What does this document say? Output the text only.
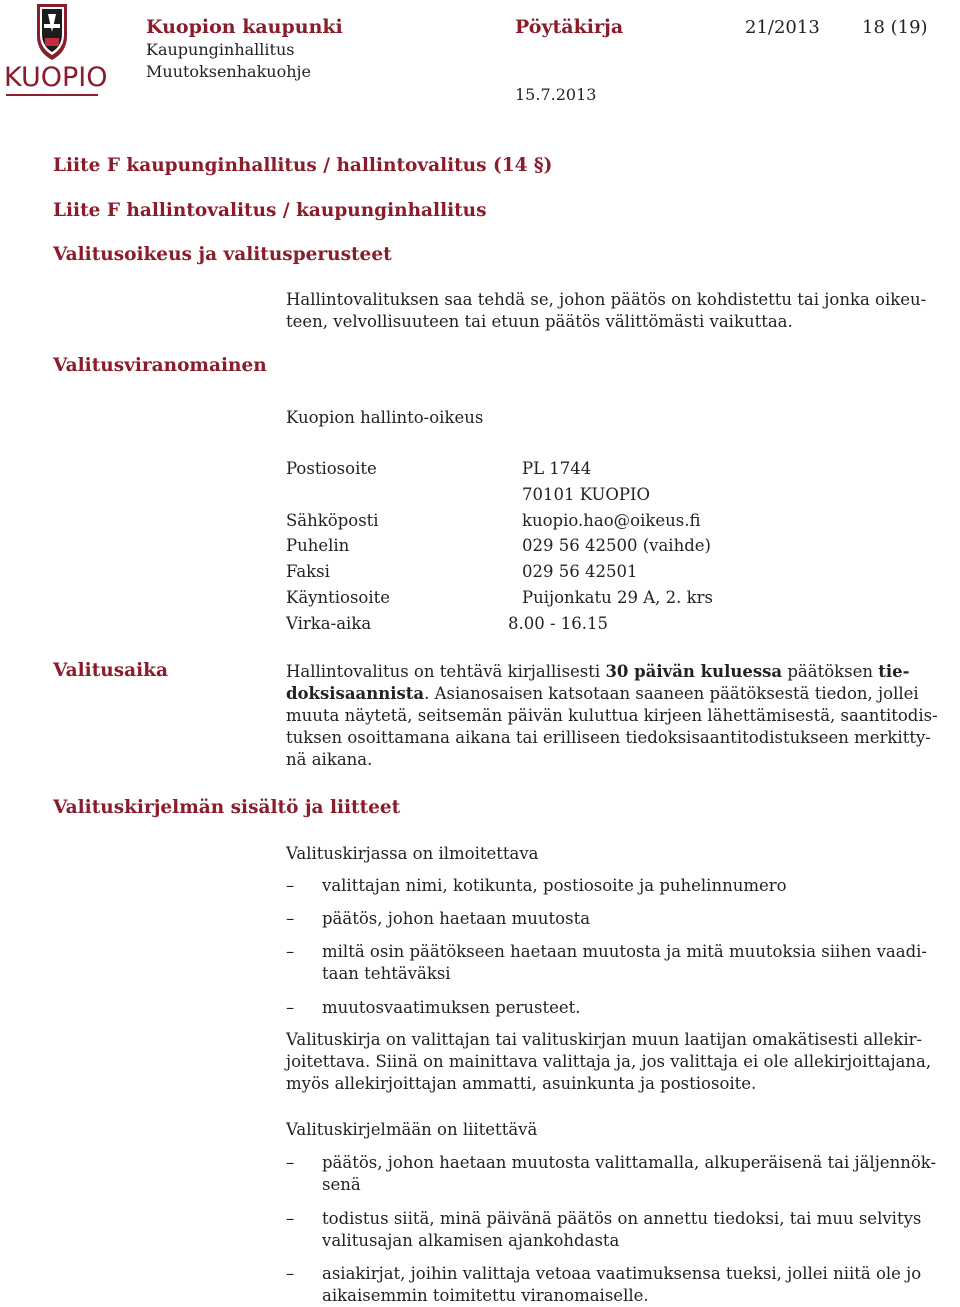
KUOPIO
Kuopion kaupunki
Kaupunginhallitus
Muutoksenhakuohje
Pöytäkirja	21/2013 18 (19)
15.7.2013
Liite F kaupunginhallitus / hallintovalitus (14 §)
Liite F hallintovalitus / kaupunginhallitus
Valitusoikeus ja valitusperusteet
Hallintovalituksen saa tehdä se, johon päätös on kohdistettu tai jonka oikeu-
teen, velvollisuuteen tai etuun päätös välittömästi vaikuttaa.
Valitusviranomainen
Kuopion hallinto-oikeus
Postiosoite	PL 1744
70101 KUOPIO
Sähköposti	kuopio.hao@oikeus.fi
Puhelin	029 56 42500 (vaihde)
Faksi	029 56 42501
Käyntiosoite	Puijonkatu 29 A, 2. krs
Virka-aika	8.00 - 16.15
Valitusaika	Hallintovalitus on tehtävä kirjallisesti 30 päivän kuluessa päätöksen tie-
doksisaannista. Asianosaisen katsotaan saaneen päätöksestä tiedon, jollei
muuta näytetä, seitsemän päivän kuluttua kirjeen lähettämisestä, saantitodis-
tuksen osoittamana aikana tai erilliseen tiedoksisaantitodistukseen merkitty-
nä aikana.
Valituskirjelmän sisältö ja liitteet
Valituskirjassa on ilmoitettava
– valittajan nimi, kotikunta, postiosoite ja puhelinnumero
– päätös, johon haetaan muutosta
– miltä osin päätökseen haetaan muutosta ja mitä muutoksia siihen vaadi-
taan tehtäväksi
– muutosvaatimuksen perusteet.
Valituskirja on valittajan tai valituskirjan muun laatijan omakätisesti allekir-
joitettava. Siinä on mainittava valittaja ja, jos valittaja ei ole allekirjoittajana,
myös allekirjoittajan ammatti, asuinkunta ja postiosoite.
Valituskirjelmään on liitettävä
– päätös, johon haetaan muutosta valittamalla, alkuperäisenä tai jäljennök-
senä
– todistus siitä, minä päivänä päätös on annettu tiedoksi, tai muu selvitys
valitusajan alkamisen ajankohdasta
– asiakirjat, joihin valittaja vetoaa vaatimuksensa tueksi, jollei niitä ole jo
aikaisemmin toimitettu viranomaiselle.
